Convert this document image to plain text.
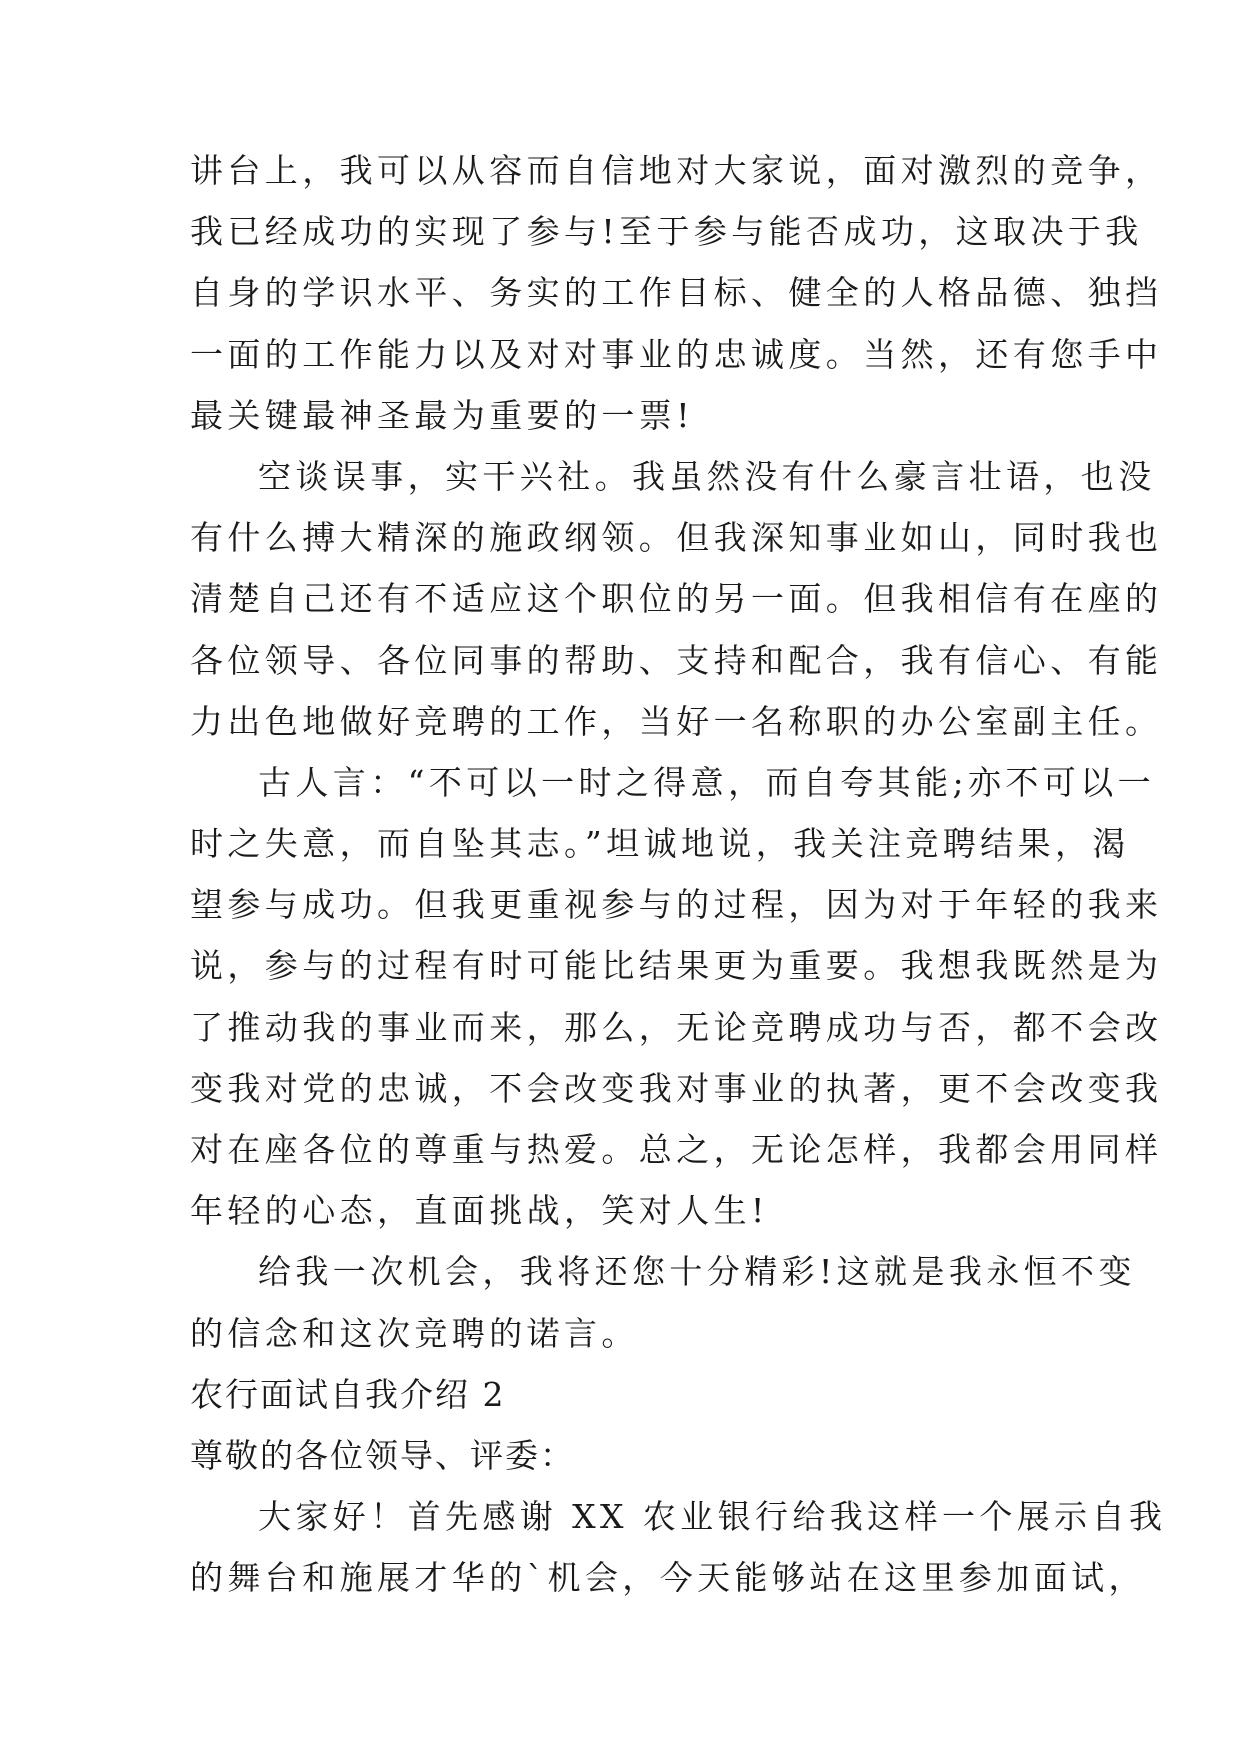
讲台上，我可以从容而自信地对大家说，面对激烈的竞争，
我已经成功的实现了参与!至于参与能否成功，这取决于我
自身的学识水平、务实的工作目标、健全的人格品德、独挡
一面的工作能力以及对对事业的忠诚度。当然，还有您手中
最关键最神圣最为重要的一票!
空谈误事，实干兴社。我虽然没有什么豪言壮语，也没
有什么搏大精深的施政纲领。但我深知事业如山，同时我也
清楚自己还有不适应这个职位的另一面。但我相信有在座的
各位领导、各位同事的帮助、支持和配合，我有信心、有能
力出色地做好竞聘的工作，当好一名称职的办公室副主任。
古人言：“不可以一时之得意，而自夸其能;亦不可以一
时之失意，而自坠其志。”坦诚地说，我关注竞聘结果，渴
望参与成功。但我更重视参与的过程，因为对于年轻的我来
说，参与的过程有时可能比结果更为重要。我想我既然是为
了推动我的事业而来，那么，无论竞聘成功与否，都不会改
变我对党的忠诚，不会改变我对事业的执著，更不会改变我
对在座各位的尊重与热爱。总之，无论怎样，我都会用同样
年轻的心态，直面挑战，笑对人生!
给我一次机会，我将还您十分精彩!这就是我永恒不变
的信念和这次竞聘的诺言。
农行面试自我介绍 2
尊敬的各位领导、评委：
大家好！首先感谢 XX 农业银行给我这样一个展示自我
的舞台和施展才华的`机会，今天能够站在这里参加面试，
